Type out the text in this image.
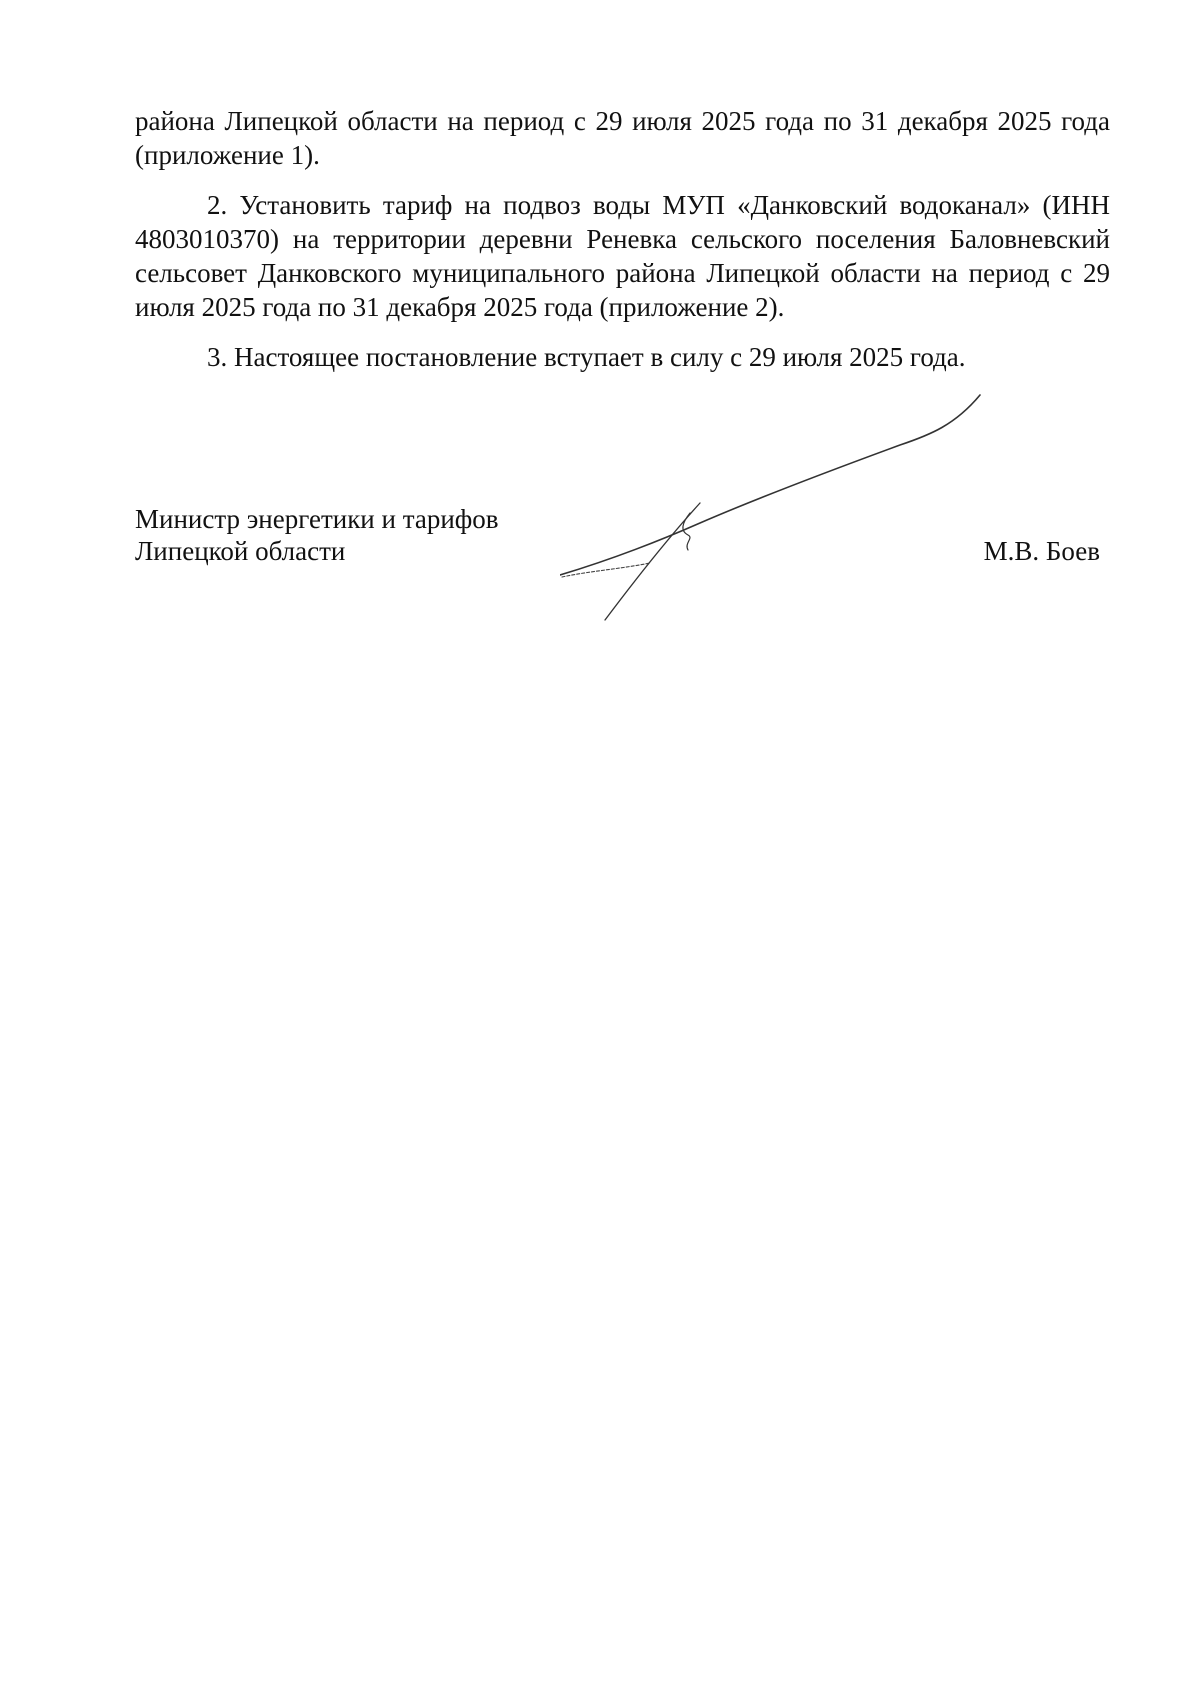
района Липецкой области на период с 29 июля 2025 года по 31 декабря 2025 года (приложение 1).

2. Установить тариф на подвоз воды МУП «Данковский водоканал» (ИНН 4803010370) на территории деревни Реневка сельского поселения Баловневский сельсовет Данковского муниципального района Липецкой области на период с 29 июля 2025 года по 31 декабря 2025 года (приложение 2).

3. Настоящее постановление вступает в силу с 29 июля 2025 года.

Министр энергетики и тарифов
Липецкой области	М.В. Боев
